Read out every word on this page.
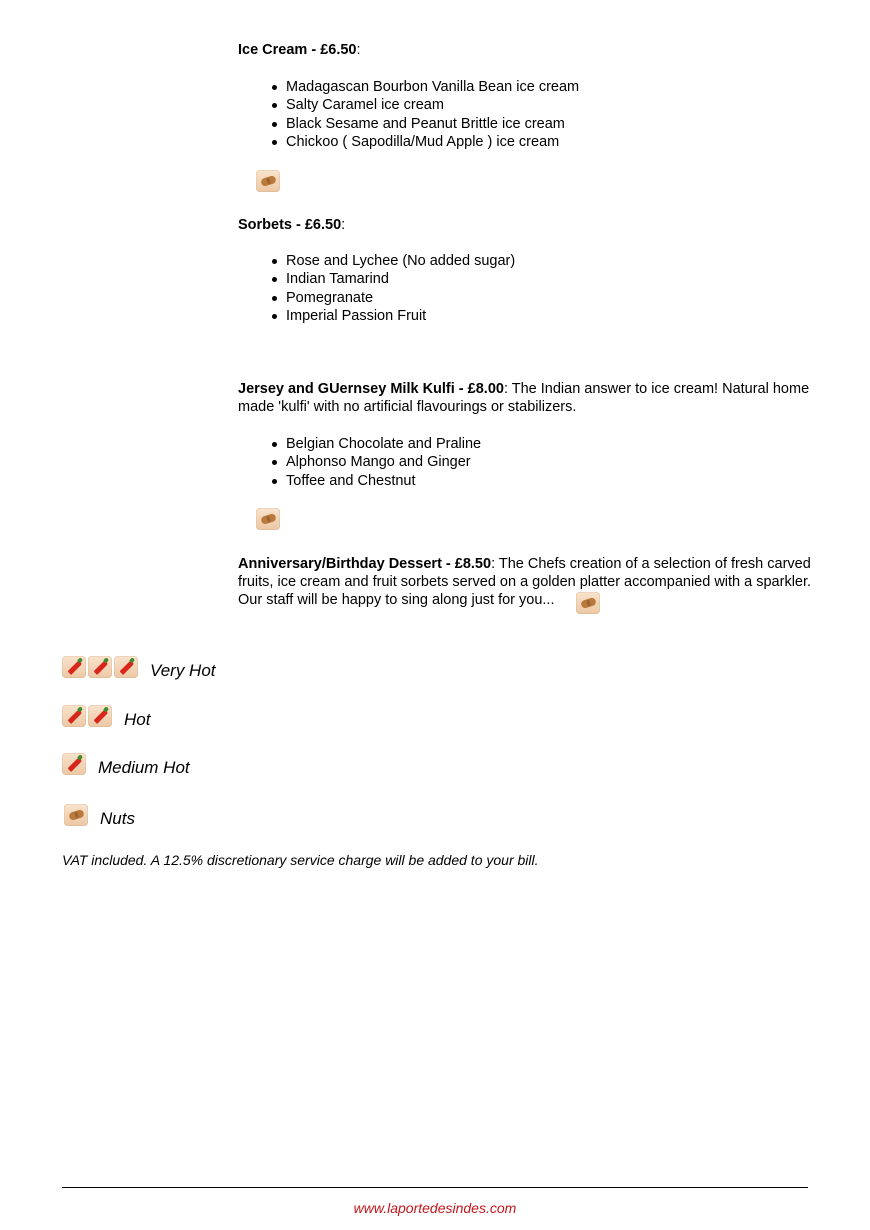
Ice Cream - £6.50:
Madagascan Bourbon Vanilla Bean ice cream
Salty Caramel ice cream
Black Sesame and Peanut Brittle ice cream
Chickoo ( Sapodilla/Mud Apple ) ice cream
Sorbets - £6.50:
Rose and Lychee (No added sugar)
Indian Tamarind
Pomegranate
Imperial Passion Fruit
Jersey and GUernsey Milk Kulfi - £8.00: The Indian answer to ice cream! Natural home made 'kulfi' with no artificial flavourings or stabilizers.
Belgian Chocolate and Praline
Alphonso Mango and Ginger
Toffee and Chestnut
Anniversary/Birthday Dessert - £8.50: The Chefs creation of a selection of fresh carved fruits, ice cream and fruit sorbets served on a golden platter accompanied with a sparkler. Our staff will be happy to sing along just for you...
Very Hot
Hot
Medium Hot
Nuts
VAT included. A 12.5% discretionary service charge will be added to your bill.
www.laportedesindes.com
